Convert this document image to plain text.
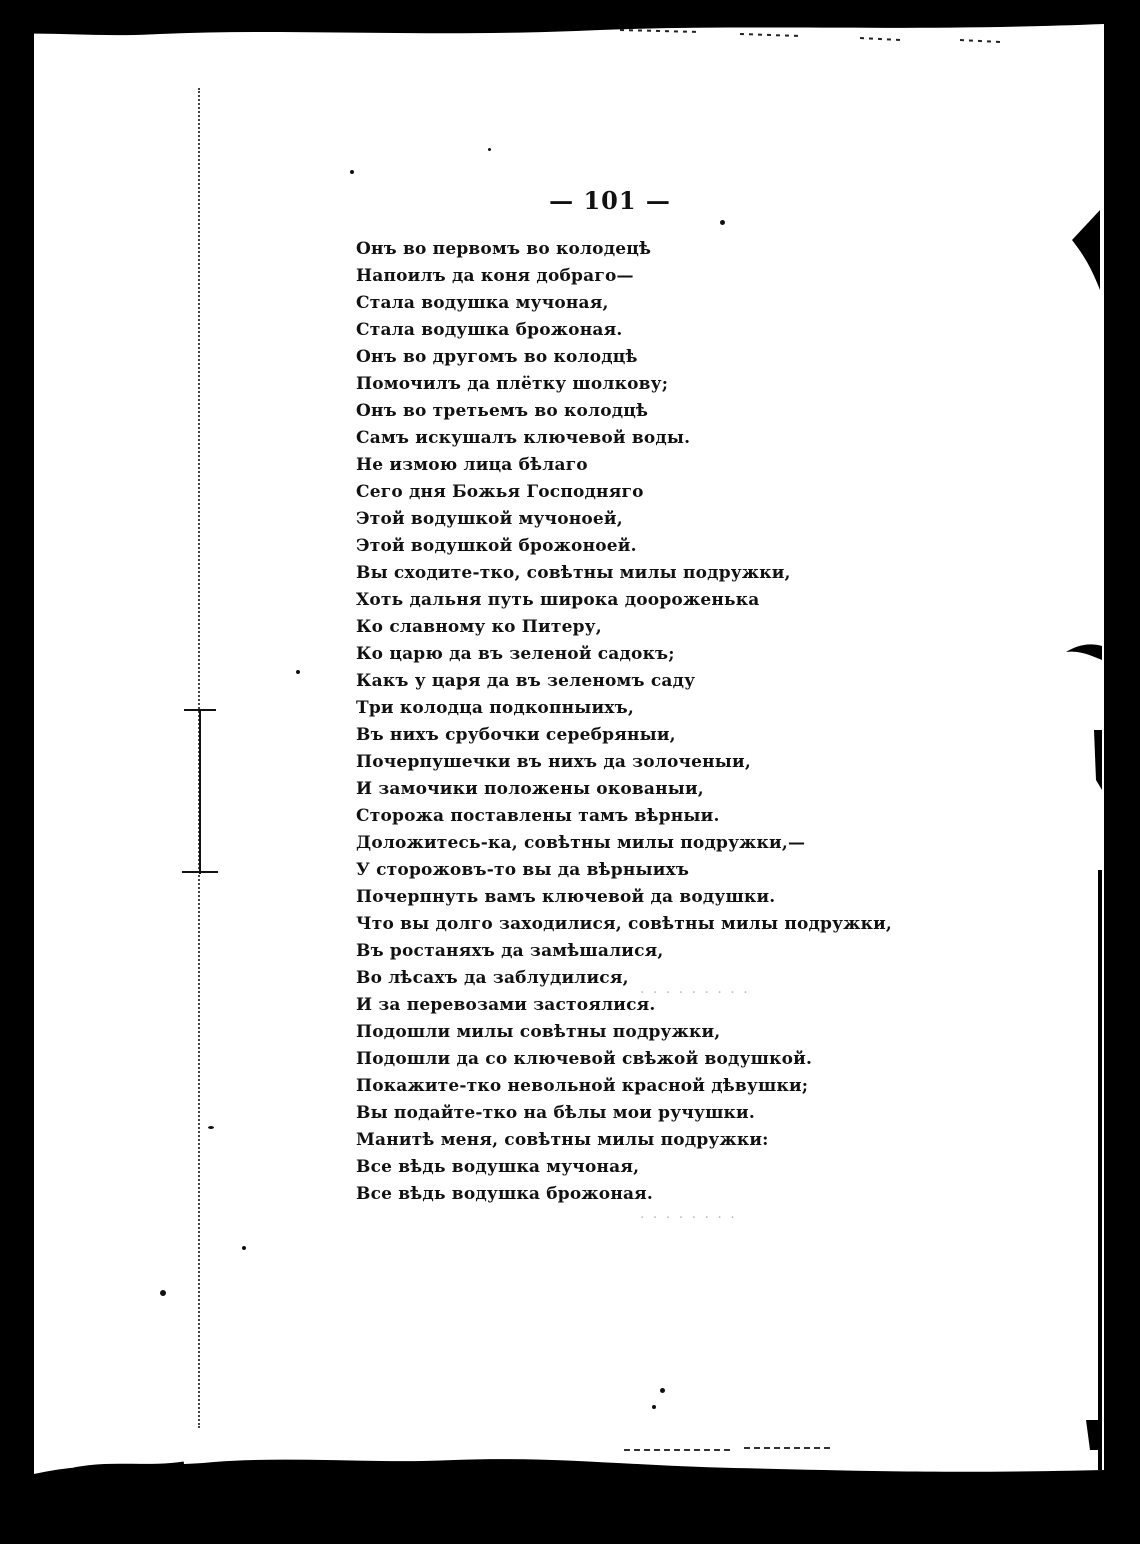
— 101 —
Онъ во первомъ во колодецѣ
Напоилъ да коня добраго—
Стала водушка мучоная,
Стала водушка брожоная.
Онъ во другомъ во колодцѣ
Помочилъ да плётку шолкову;
Онъ во третьемъ во колодцѣ
Самъ искушалъ ключевой воды.
Не измою лица бѣлаго
Сего дня Божья Господняго
Этой водушкой мучоноей,
Этой водушкой брожоноей.
Вы сходите-тко, совѣтны милы подружки,
Хоть дальня путь широка доороженька
Ко славному ко Питеру,
Ко царю да въ зеленой садокъ;
Какъ у царя да въ зеленомъ саду
Три колодца подкопныихъ,
Въ нихъ срубочки серебряныи,
Почерпушечки въ нихъ да золоченыи,
И замочики положены окованыи,
Сторожа поставлены тамъ вѣрныи.
Доложитесь-ка, совѣтны милы подружки,—
У сторожовъ-то вы да вѣрныихъ
Почерпнуть вамъ ключевой да водушки.
Что вы долго заходилися, совѣтны милы подружки,
Въ ростаняхъ да замѣшалися,
Во лѣсахъ да заблудилися,
И за перевозами застоялися.
Подошли милы совѣтны подружки,
Подошли да со ключевой свѣжой водушкой.
Покажите-тко невольной красной дѣвушки;
Вы подайте-тко на бѣлы мои ручушки.
Манитѣ меня, совѣтны милы подружки:
Все вѣдь водушка мучоная,
Все вѣдь водушка брожоная.
· · · · · · · ·
· · · · · · · · ·
